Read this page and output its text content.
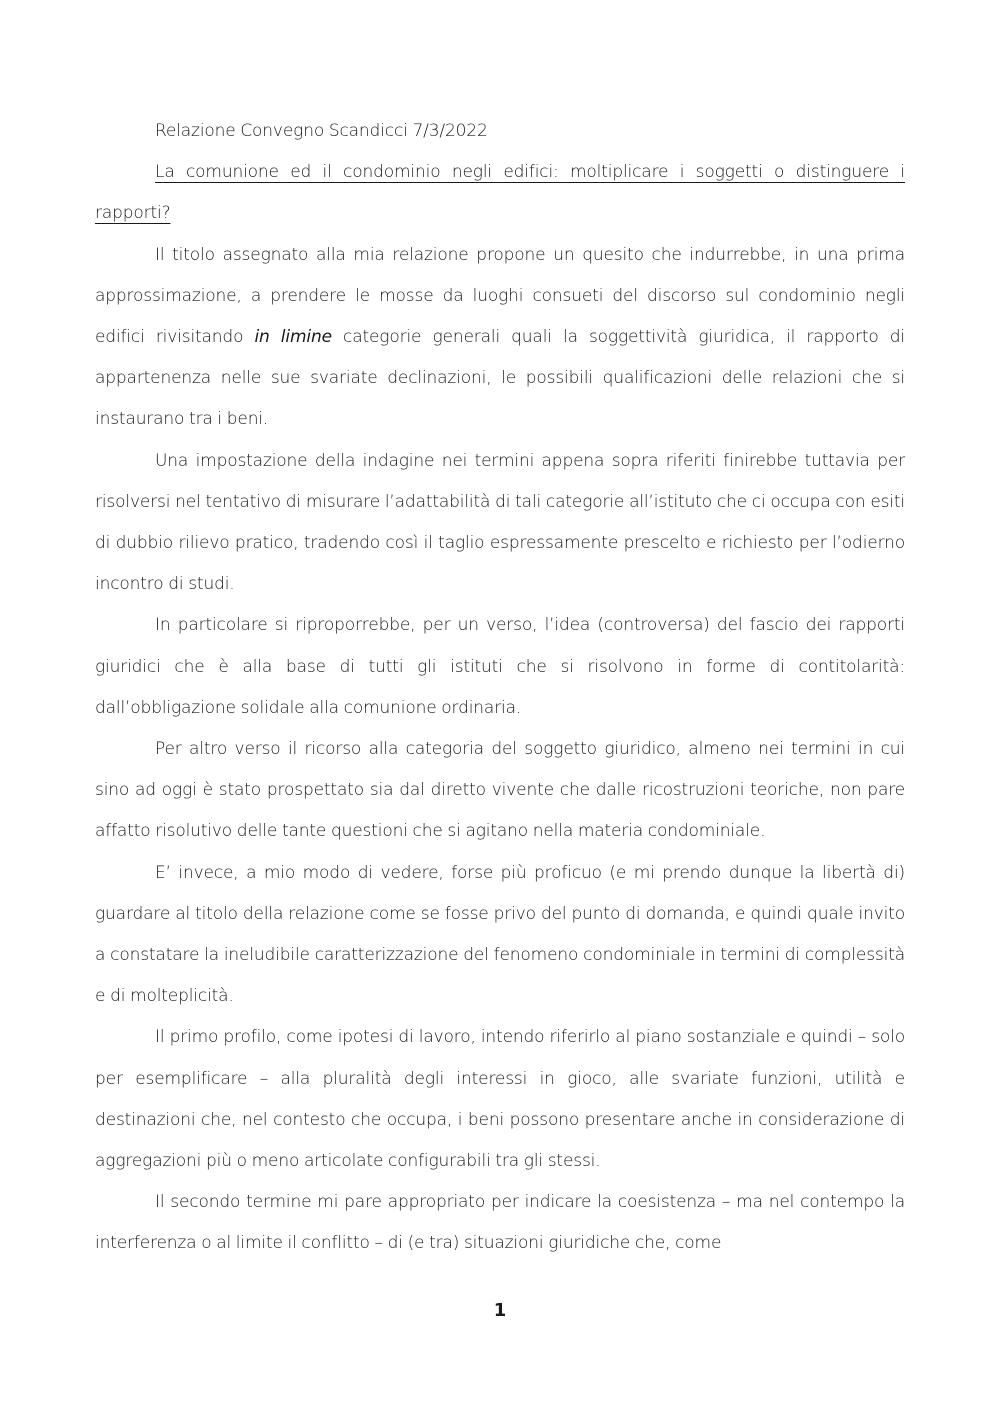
Relazione Convegno Scandicci 7/3/2022

La comunione ed il condominio negli edifici: moltiplicare i soggetti o distinguere i rapporti?

Il titolo assegnato alla mia relazione propone un quesito che indurrebbe, in una prima approssimazione, a prendere le mosse da luoghi consueti del discorso sul condominio negli edifici rivisitando in limine categorie generali quali la soggettività giuridica, il rapporto di appartenenza nelle sue svariate declinazioni, le possibili qualificazioni delle relazioni che si instaurano tra i beni.

Una impostazione della indagine nei termini appena sopra riferiti finirebbe tuttavia per risolversi nel tentativo di misurare l’adattabilità di tali categorie all’istituto che ci occupa con esiti di dubbio rilievo pratico, tradendo così il taglio espressamente prescelto e richiesto per l’odierno incontro di studi.

In particolare si riproporrebbe, per un verso, l’idea (controversa) del fascio dei rapporti giuridici che è alla base di tutti gli istituti che si risolvono in forme di contitolarità: dall’obbligazione solidale alla comunione ordinaria.

Per altro verso il ricorso alla categoria del soggetto giuridico, almeno nei termini in cui sino ad oggi è stato prospettato sia dal diretto vivente che dalle ricostruzioni teoriche, non pare affatto risolutivo delle tante questioni che si agitano nella materia condominiale.

E’ invece, a mio modo di vedere, forse più proficuo (e mi prendo dunque la libertà di) guardare al titolo della relazione come se fosse privo del punto di domanda, e quindi quale invito a constatare la ineludibile caratterizzazione del fenomeno condominiale in termini di complessità e di molteplicità.

Il primo profilo, come ipotesi di lavoro, intendo riferirlo al piano sostanziale e quindi – solo per esemplificare – alla pluralità degli interessi in gioco, alle svariate funzioni, utilità e destinazioni che, nel contesto che occupa, i beni possono presentare anche in considerazione di aggregazioni più o meno articolate configurabili tra gli stessi.

Il secondo termine mi pare appropriato per indicare la coesistenza – ma nel contempo la interferenza o al limite il conflitto – di (e tra) situazioni giuridiche che, come

1
